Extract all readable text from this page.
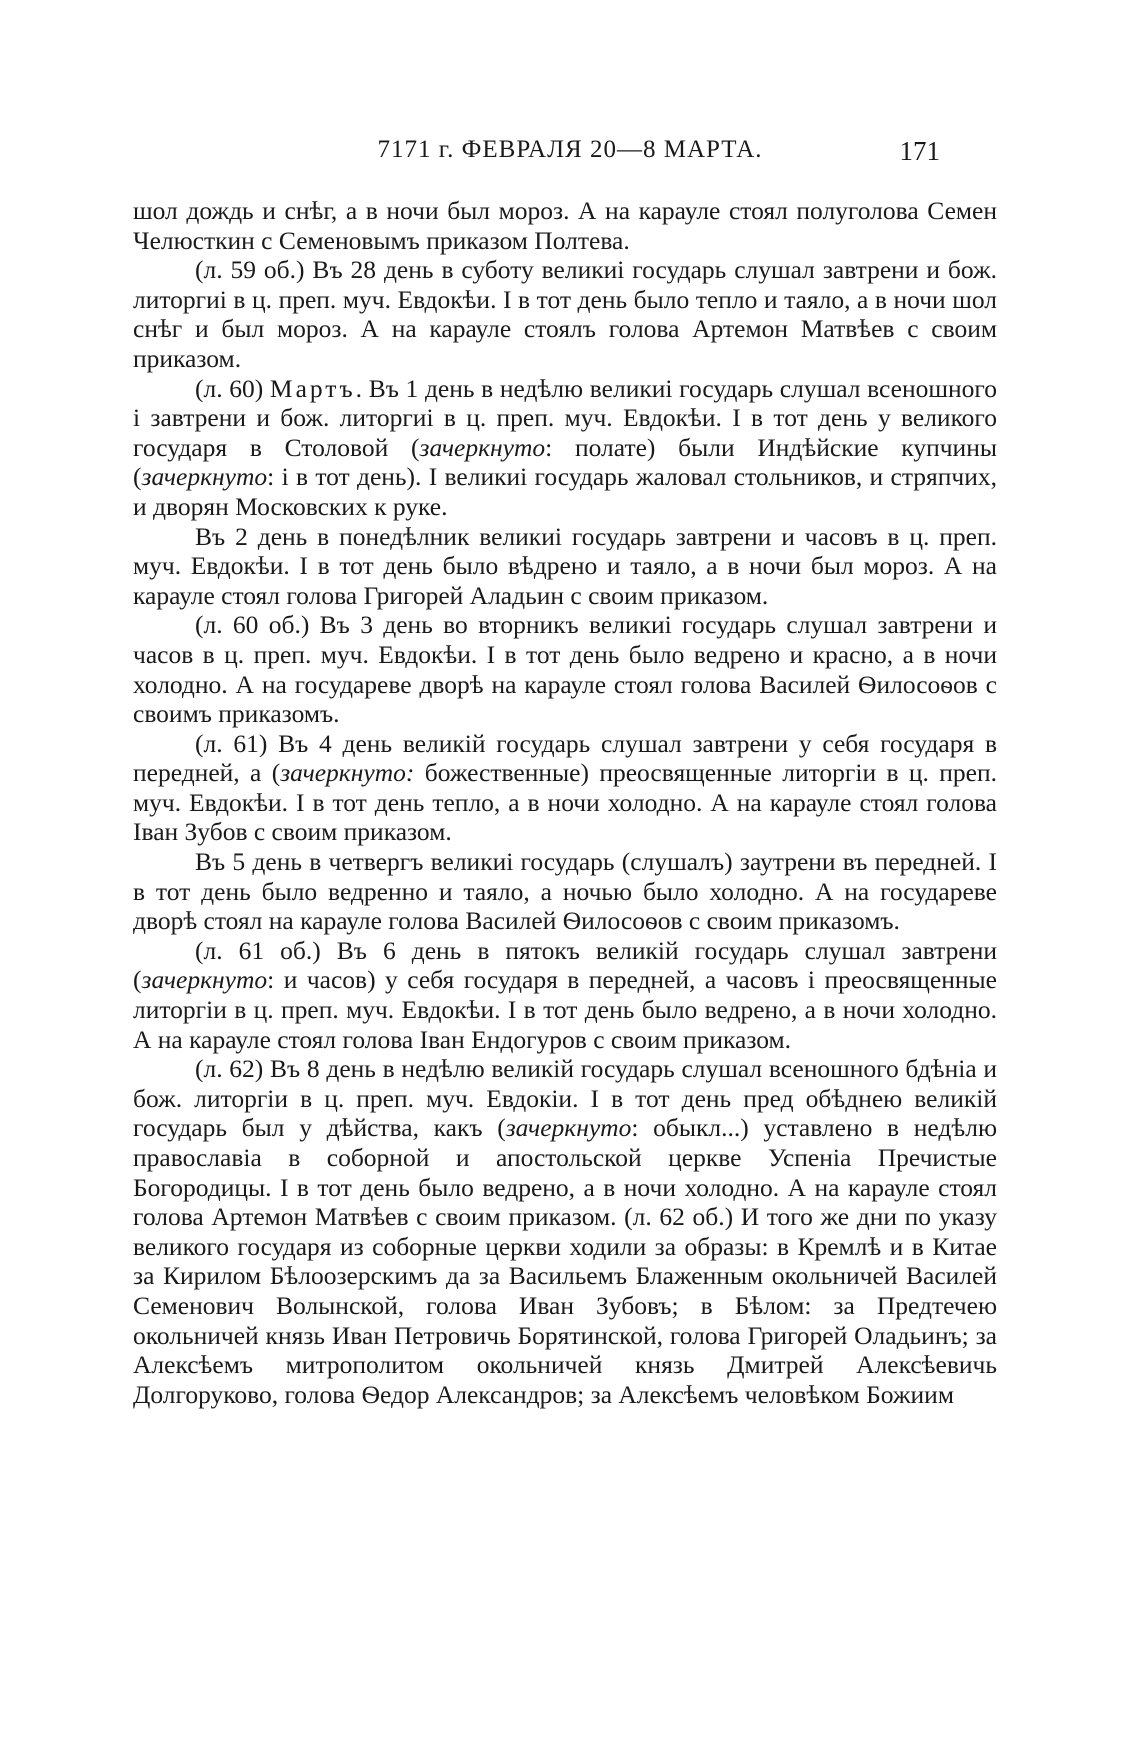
7171 г. ФЕВРАЛЯ 20—8 МАРТА.	171

шол дождь и снѣг, а в ночи был мороз. А на карауле стоял полуголова Семен Челюсткин с Семеновымъ приказом Полтева.

(л. 59 об.) Въ 28 день в суботу великиі государь слушал завтрени и бож. литоргиі в ц. преп. муч. Евдокѣи. І в тот день было тепло и таяло, а в ночи шол снѣг и был мороз. А на карауле стоялъ голова Артемон Матвѣев с своим приказом.

(л. 60) Мартъ. Въ 1 день в недѣлю великиі государь слушал всеношного і завтрени и бож. литоргиі в ц. преп. муч. Евдокѣи. І в тот день у великого государя в Столовой (зачеркнуто: полате) были Индѣйские купчины (зачеркнуто: і в тот день). І великиі государь жаловал стольников, и стряпчих, и дворян Московских к руке.

Въ 2 день в понедѣлник великиі государь завтрени и часовъ в ц. преп. муч. Евдокѣи. І в тот день было вѣдрено и таяло, а в ночи был мороз. А на карауле стоял голова Григорей Аладьин с своим приказом.

(л. 60 об.) Въ 3 день во вторникъ великиі государь слушал завтрени и часов в ц. преп. муч. Евдокѣи. І в тот день было ведрено и красно, а в ночи холодно. А на государеве дворѣ на карауле стоял голова Василей Ѳилосоѳов с своимъ приказомъ.

(л. 61) Въ 4 день великій государь слушал завтрени у себя государя в передней, а (зачеркнуто: божественные) преосвященные литоргіи в ц. преп. муч. Евдокѣи. І в тот день тепло, а в ночи холодно. А на карауле стоял голова Іван Зубов с своим приказом.

Въ 5 день в четвергъ великиі государь (слушалъ) заутрени въ передней. І в тот день было ведренно и таяло, а ночью было холодно. А на государеве дворѣ стоял на карауле голова Василей Ѳилосоѳов с своим приказомъ.

(л. 61 об.) Въ 6 день в пятокъ великій государь слушал завтрени (зачеркнуто: и часов) у себя государя в передней, а часовъ і преосвященные литоргіи в ц. преп. муч. Евдокѣи. І в тот день было ведрено, а в ночи холодно. А на карауле стоял голова Іван Ендогуров с своим приказом.

(л. 62) Въ 8 день в недѣлю великій государь слушал всеношного бдѣніа и бож. литоргіи в ц. преп. муч. Евдокіи. І в тот день пред обѣднею великій государь был у дѣйства, какъ (зачеркнуто: обыкл...) уставлено в недѣлю православіа в соборной и апостольской церкве Успеніа Пречистые Богородицы. І в тот день было ведрено, а в ночи холодно. А на карауле стоял голова Артемон Матвѣев с своим приказом. (л. 62 об.) И того же дни по указу великого государя из соборные церкви ходили за образы: в Кремлѣ и в Китае за Кирилом Бѣлоозерскимъ да за Васильемъ Блаженным окольничей Василей Семенович Волынской, голова Иван Зубовъ; в Бѣлом: за Предтечею окольничей князь Иван Петровичь Борятинской, голова Григорей Оладьинъ; за Алексѣемъ митрополитом окольничей князь Дмитрей Алексѣевичь Долгоруково, голова Ѳедор Александров; за Алексѣемъ человѣком Божиим
